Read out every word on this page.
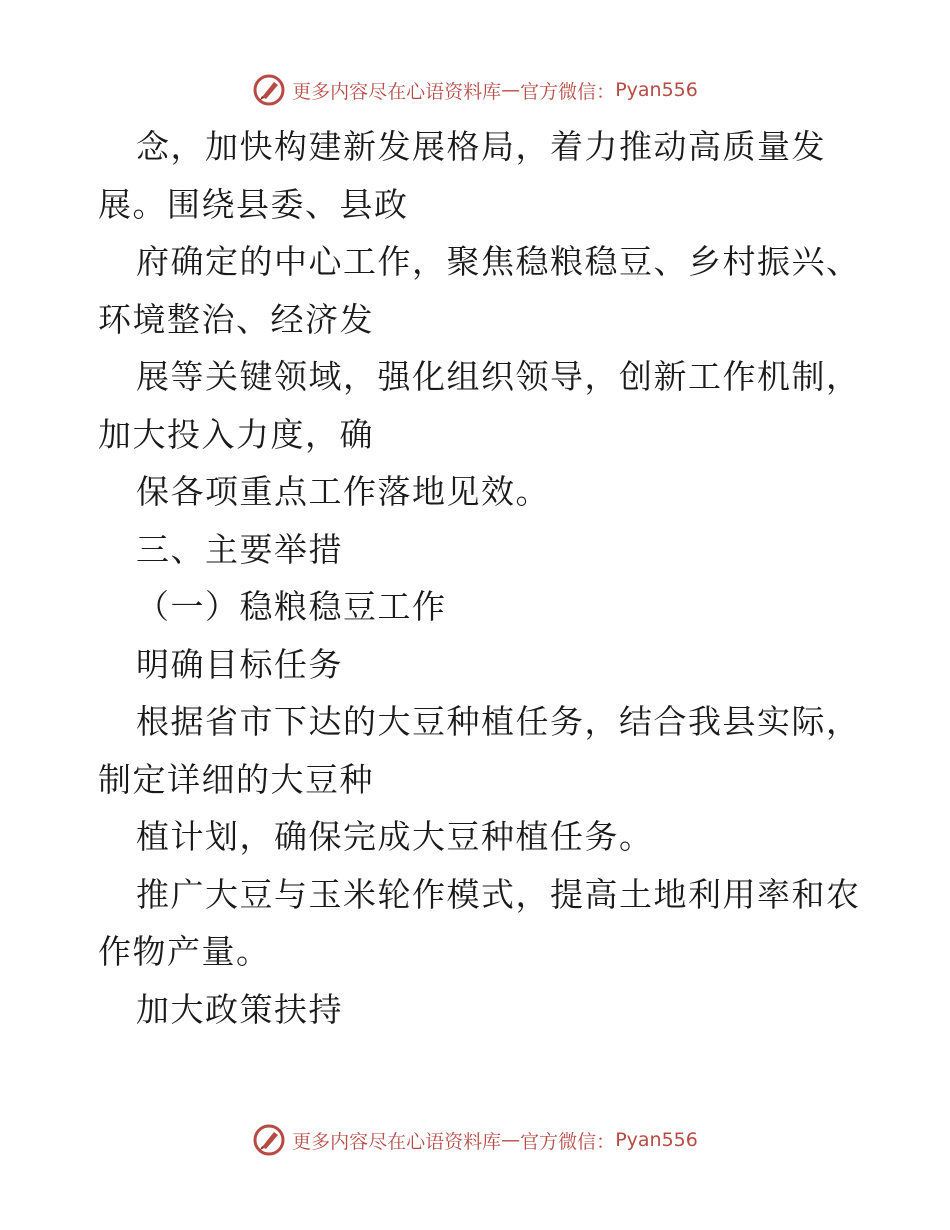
更多内容尽在心语资料库 — 官方微信： Pyan556
念，加快构建新发展格局，着力推动高质量发
展。围绕县委、县政
府确定的中心工作，聚焦稳粮稳豆、乡村振兴、
环境整治、经济发
展等关键领域，强化组织领导，创新工作机制，
加大投入力度，确
保各项重点工作落地见效。
三、主要举措
（一）稳粮稳豆工作
明确目标任务
根据省市下达的大豆种植任务，结合我县实际，
制定详细的大豆种
植计划，确保完成大豆种植任务。
推广大豆与玉米轮作模式，提高土地利用率和农
作物产量。
加大政策扶持
更多内容尽在心语资料库 — 官方微信： Pyan556
